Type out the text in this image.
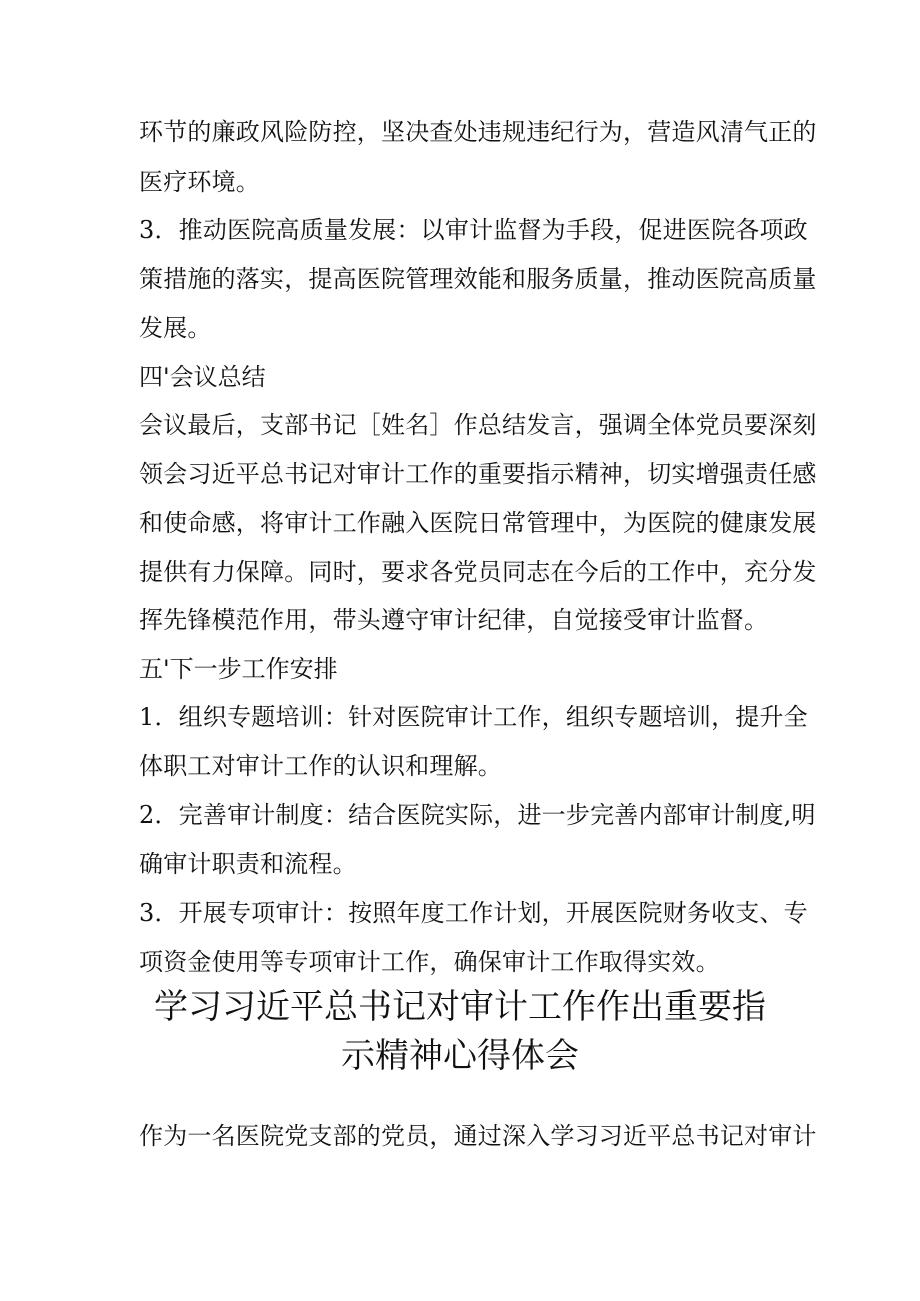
环节的廉政风险防控，坚决查处违规违纪行为，营造风清气正的
医疗环境。
3．推动医院高质量发展：以审计监督为手段，促进医院各项政
策措施的落实，提高医院管理效能和服务质量，推动医院高质量
发展。
四'会议总结
会议最后，支部书记［姓名］作总结发言，强调全体党员要深刻
领会习近平总书记对审计工作的重要指示精神，切实增强责任感
和使命感，将审计工作融入医院日常管理中，为医院的健康发展
提供有力保障。同时，要求各党员同志在今后的工作中，充分发
挥先锋模范作用，带头遵守审计纪律，自觉接受审计监督。
五'下一步工作安排
1．组织专题培训：针对医院审计工作，组织专题培训，提升全
体职工对审计工作的认识和理解。
2．完善审计制度：结合医院实际，进一步完善内部审计制度,明
确审计职责和流程。
3．开展专项审计：按照年度工作计划，开展医院财务收支、专
项资金使用等专项审计工作，确保审计工作取得实效。
学习习近平总书记对审计工作作出重要指
示精神心得体会
作为一名医院党支部的党员，通过深入学习习近平总书记对审计
